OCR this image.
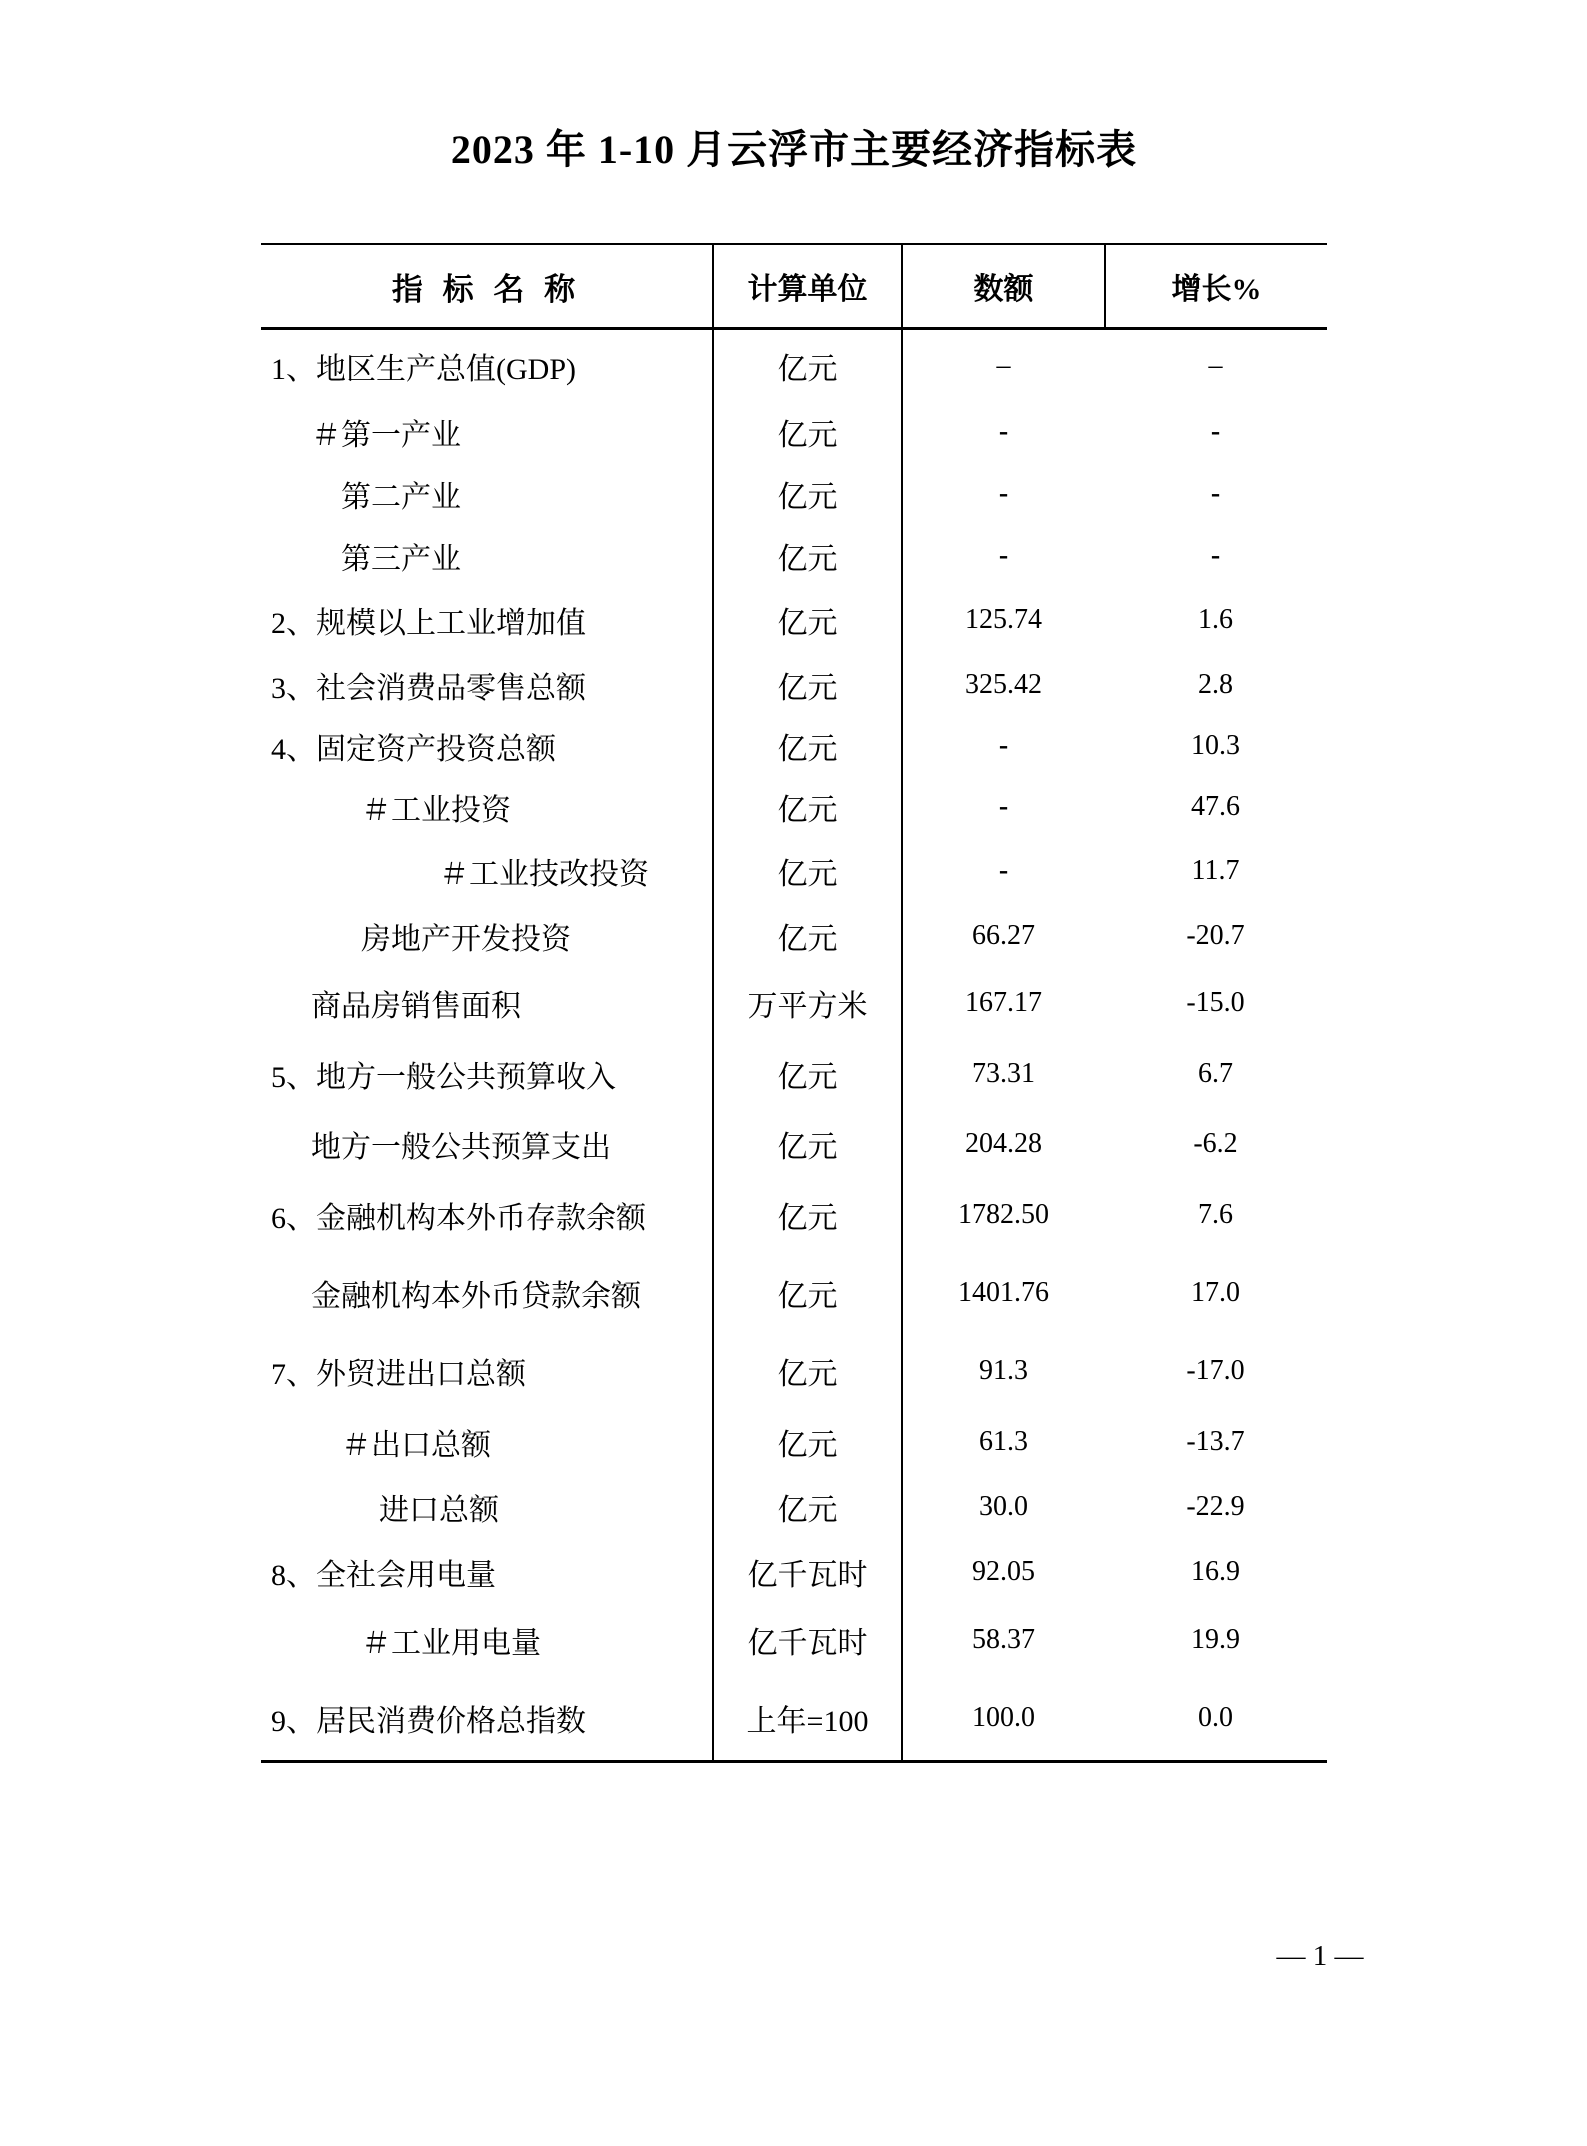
2023 年 1-10 月云浮市主要经济指标表
指 标 名 称	计算单位	数额	增长%
1、地区生产总值(GDP)	亿元	–	–
＃第一产业	亿元	-	-
第二产业	亿元	-	-
第三产业	亿元	-	-
2、规模以上工业增加值	亿元	125.74	1.6
3、社会消费品零售总额	亿元	325.42	2.8
4、固定资产投资总额	亿元	-	10.3
＃工业投资	亿元	-	47.6
＃工业技改投资	亿元	-	11.7
房地产开发投资	亿元	66.27	-20.7
商品房销售面积	万平方米	167.17	-15.0
5、地方一般公共预算收入	亿元	73.31	6.7
地方一般公共预算支出	亿元	204.28	-6.2
6、金融机构本外币存款余额	亿元	1782.50	7.6
金融机构本外币贷款余额	亿元	1401.76	17.0
7、外贸进出口总额	亿元	91.3	-17.0
＃出口总额	亿元	61.3	-13.7
进口总额	亿元	30.0	-22.9
8、全社会用电量	亿千瓦时	92.05	16.9
＃工业用电量	亿千瓦时	58.37	19.9
9、居民消费价格总指数	上年=100	100.0	0.0
— 1 —
